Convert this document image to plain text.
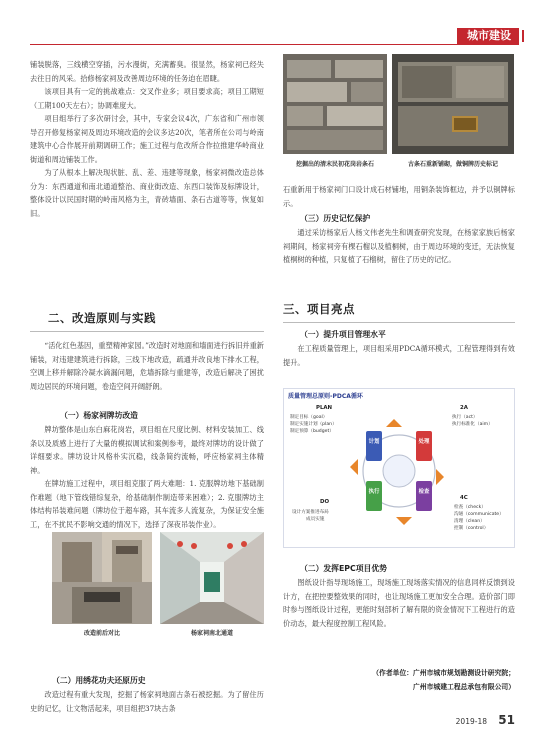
城市建设

铺装脱落，三线横空穿插，污水漫街，充满蓄臭。很显然，杨家祠已经失去往日的风采。拾修杨家祠及改善周边环境的任务迫在眉睫。

该项目具有一定的挑战难点：交叉作业多；项目要求高；项目工期短（工期100天左右）；协调难度大。

项目组举行了多次研讨会，其中，专家会议4次，广东省和广州市领导召开修复杨家祠及周边环境改造的会议多达20次，笔者所在公司与岭南建筑中心合作展开前期调研工作；施工过程与危改所合作拉推建华岭商业街道和周边铺装工作。

为了从根本上解决现状脏、乱、差、违建等现象，杨家祠微改造总体分为：东西通道和南北通道整治、商业街改造、东西口装饰及标牌设计，整体设计以民国时期的岭南风格为主，青砖墙面、条石古道等等，恢复如旧。

二、改造原则与实践

“活化红色基因，重塑精神家园。”改造时对地面和墙面进行拆旧并重新铺装，对违建建筑进行拆除，三线下地改造，疏通并改良地下排水工程，空调上移并解除冷凝水滴漏问题，危墙拆除与重建等，改造后解决了困扰周边居民的环境问题，卷造空间开阔舒朗。

（一）杨家祠牌坊改造

牌坊整体是山东白麻花岗岩，项目组在尺度比例、材料安装加工、线条以及质感上进行了大量的模拟调试和案例参考，最终对牌坊的设计做了详细要求。牌坊设计风格朴实沉稳，线条简约流畅，呼应杨家祠主体精神。

在牌坊施工过程中，项目组克服了两大难题：1. 克服牌坊地下基础制作难题（地下管线错综复杂，给基础制作制造带来困难）；2. 克服牌坊主体结构吊装难问题（牌坊位于超车路，其车流多人流复杂，为保证安全施工，在不扰民不影响交通的情况下，选择了深夜吊装作业）。

改造前后对比	杨家祠南北通道
（二）用绣花功夫还原历史

改造过程有重大发现，挖掘了杨家祠地面古条石被挖掘。为了留住历史的记忆，让文物活起来，项目组把37块古条

挖掘出的清末民初花岗岩条石	古条石重新铺砌，做铜牌历史标记

石重新用于杨家祠门口设计成石材铺地，用铜条装饰框边，并予以铜牌标示。

（三）历史记忆保护

通过采访杨家后人杨文伟老先生和调查研究发现，在杨家家族后杨家祠期间，杨家祠旁有棵石榴以及植桐树，由于周边环境的变迁，无法恢复植桐树的种植，只复植了石榴树，留住了历史的记忆。

三、项目亮点
（一）提升项目管理水平

在工程质量管理上，项目组采用PDCA循环模式，工程管理得到有效提升。

质量管理总原则-PDCA循环
计划
执行	检查
处理
PLAN
制定目标（goal）
制定实施计划（plan）
制定预算（budget）
2A
执行（act）
执行标准化（aim）
DO
设计方案推进布局
成员实施
4C
检查（check）
沟通（communicate）
清理（clean）
控制（control）
（二）发挥EPC项目优势

图纸设计指导现场施工，现场施工现场落实情况的信息同样反馈到设计方，在把控要整效果的同时，也让现场施工更加安全合理。造价部门即时参与图纸设计过程，更能时刻部析了解有限的资金情况下工程进行的造价动态，最大程度控制工程风险。

（作者单位：广州市城市规划勘测设计研究院；
广州市城建工程总承包有限公司）
2019-18 51
